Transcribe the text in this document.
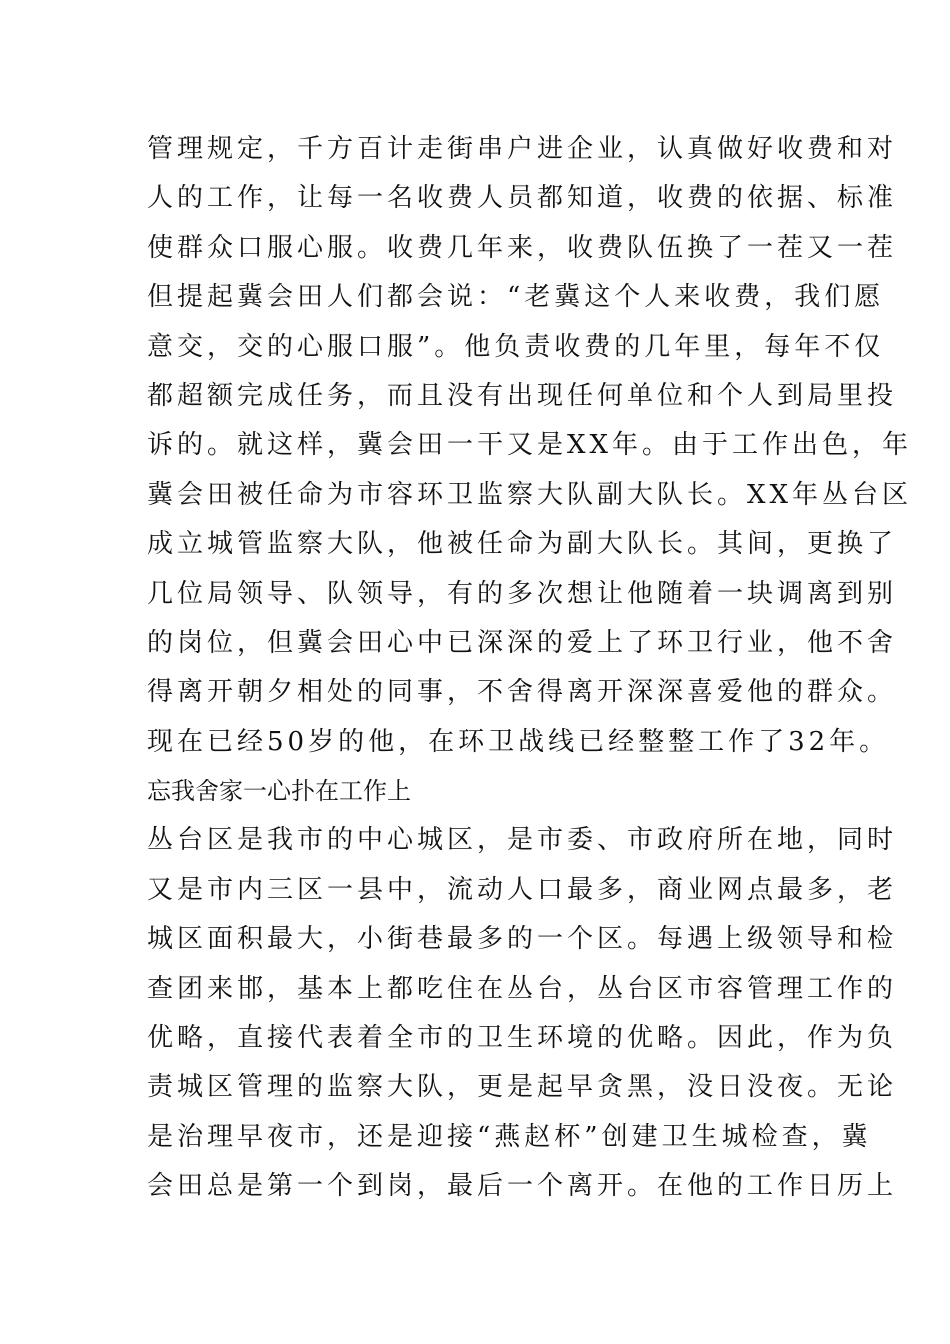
管理规定，千方百计走街串户进企业，认真做好收费和对
人的工作，让每一名收费人员都知道，收费的依据、标准
使群众口服心服。收费几年来，收费队伍换了一茬又一茬
但提起冀会田人们都会说：“老冀这个人来收费，我们愿
意交，交的心服口服”。他负责收费的几年里，每年不仅
都超额完成任务，而且没有出现任何单位和个人到局里投
诉的。就这样，冀会田一干又是XX年。由于工作出色，年
冀会田被任命为市容环卫监察大队副大队长。XX年丛台区
成立城管监察大队，他被任命为副大队长。其间，更换了
几位局领导、队领导，有的多次想让他随着一块调离到别
的岗位，但冀会田心中已深深的爱上了环卫行业，他不舍
得离开朝夕相处的同事，不舍得离开深深喜爱他的群众。
现在已经50岁的他，在环卫战线已经整整工作了32年。
忘我舍家一心扑在工作上
丛台区是我市的中心城区，是市委、市政府所在地，同时
又是市内三区一县中，流动人口最多，商业网点最多，老
城区面积最大，小街巷最多的一个区。每遇上级领导和检
查团来邯，基本上都吃住在丛台，丛台区市容管理工作的
优略，直接代表着全市的卫生环境的优略。因此，作为负
责城区管理的监察大队，更是起早贪黑，没日没夜。无论
是治理早夜市，还是迎接“燕赵杯”创建卫生城检查，冀
会田总是第一个到岗，最后一个离开。在他的工作日历上
